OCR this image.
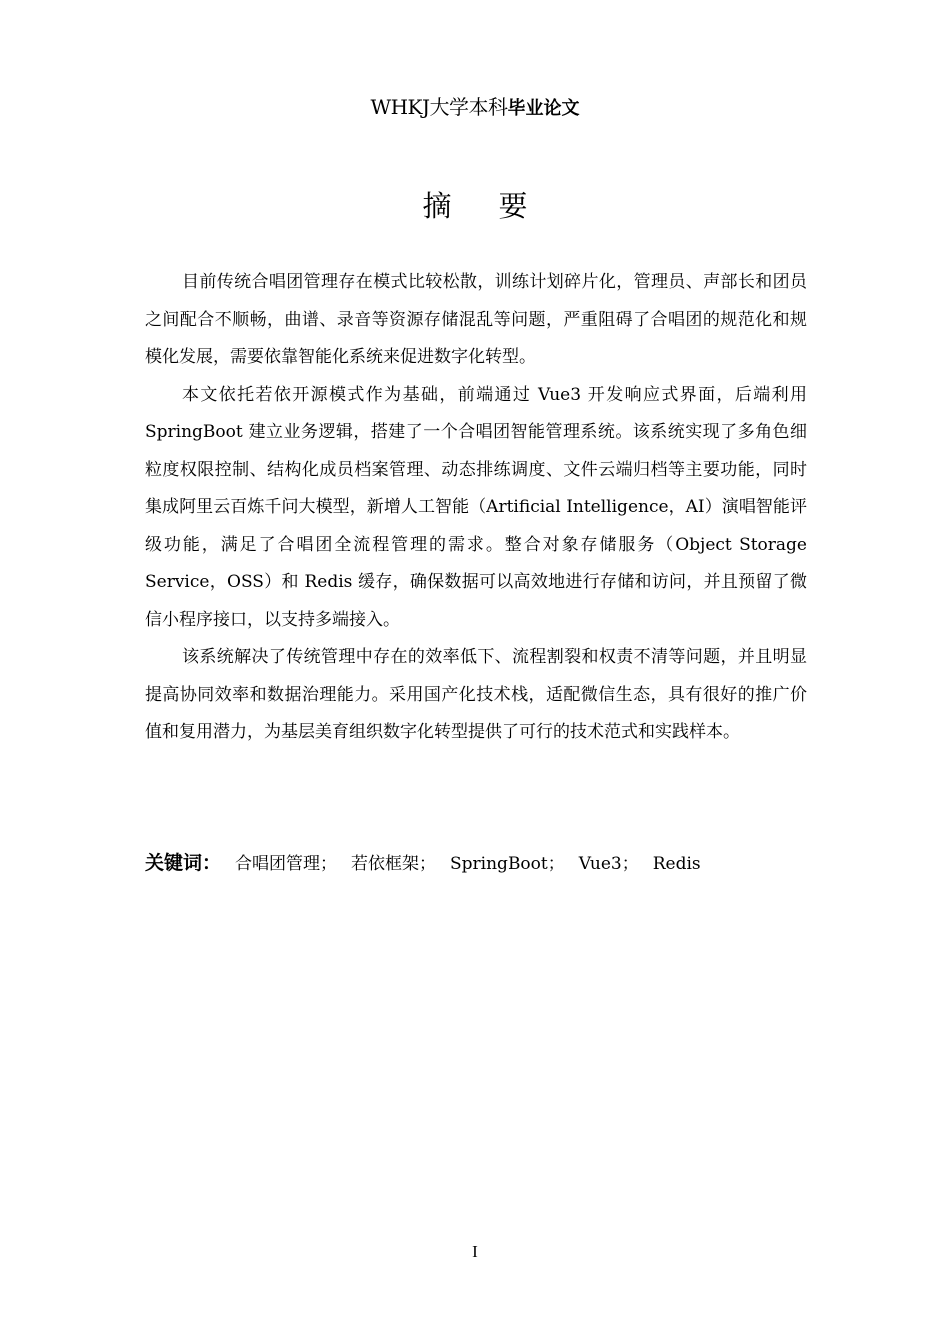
WHKJ大学本科毕业论文
摘要

目前传统合唱团管理存在模式比较松散，训练计划碎片化，管理员、声部长和团员之间配合不顺畅，曲谱、录音等资源存储混乱等问题，严重阻碍了合唱团的规范化和规模化发展，需要依靠智能化系统来促进数字化转型。

本文依托若依开源模式作为基础，前端通过 Vue3 开发响应式界面，后端利用 SpringBoot 建立业务逻辑，搭建了一个合唱团智能管理系统。该系统实现了多角色细粒度权限控制、结构化成员档案管理、动态排练调度、文件云端归档等主要功能，同时集成阿里云百炼千问大模型，新增人工智能（Artificial Intelligence，AI）演唱智能评级功能，满足了合唱团全流程管理的需求。整合对象存储服务（Object Storage Service，OSS）和 Redis 缓存，确保数据可以高效地进行存储和访问，并且预留了微信小程序接口，以支持多端接入。

该系统解决了传统管理中存在的效率低下、流程割裂和权责不清等问题，并且明显提高协同效率和数据治理能力。采用国产化技术栈，适配微信生态，具有很好的推广价值和复用潜力，为基层美育组织数字化转型提供了可行的技术范式和实践样本。

关键词： 合唱团管理； 若依框架； SpringBoot； Vue3； Redis
I
